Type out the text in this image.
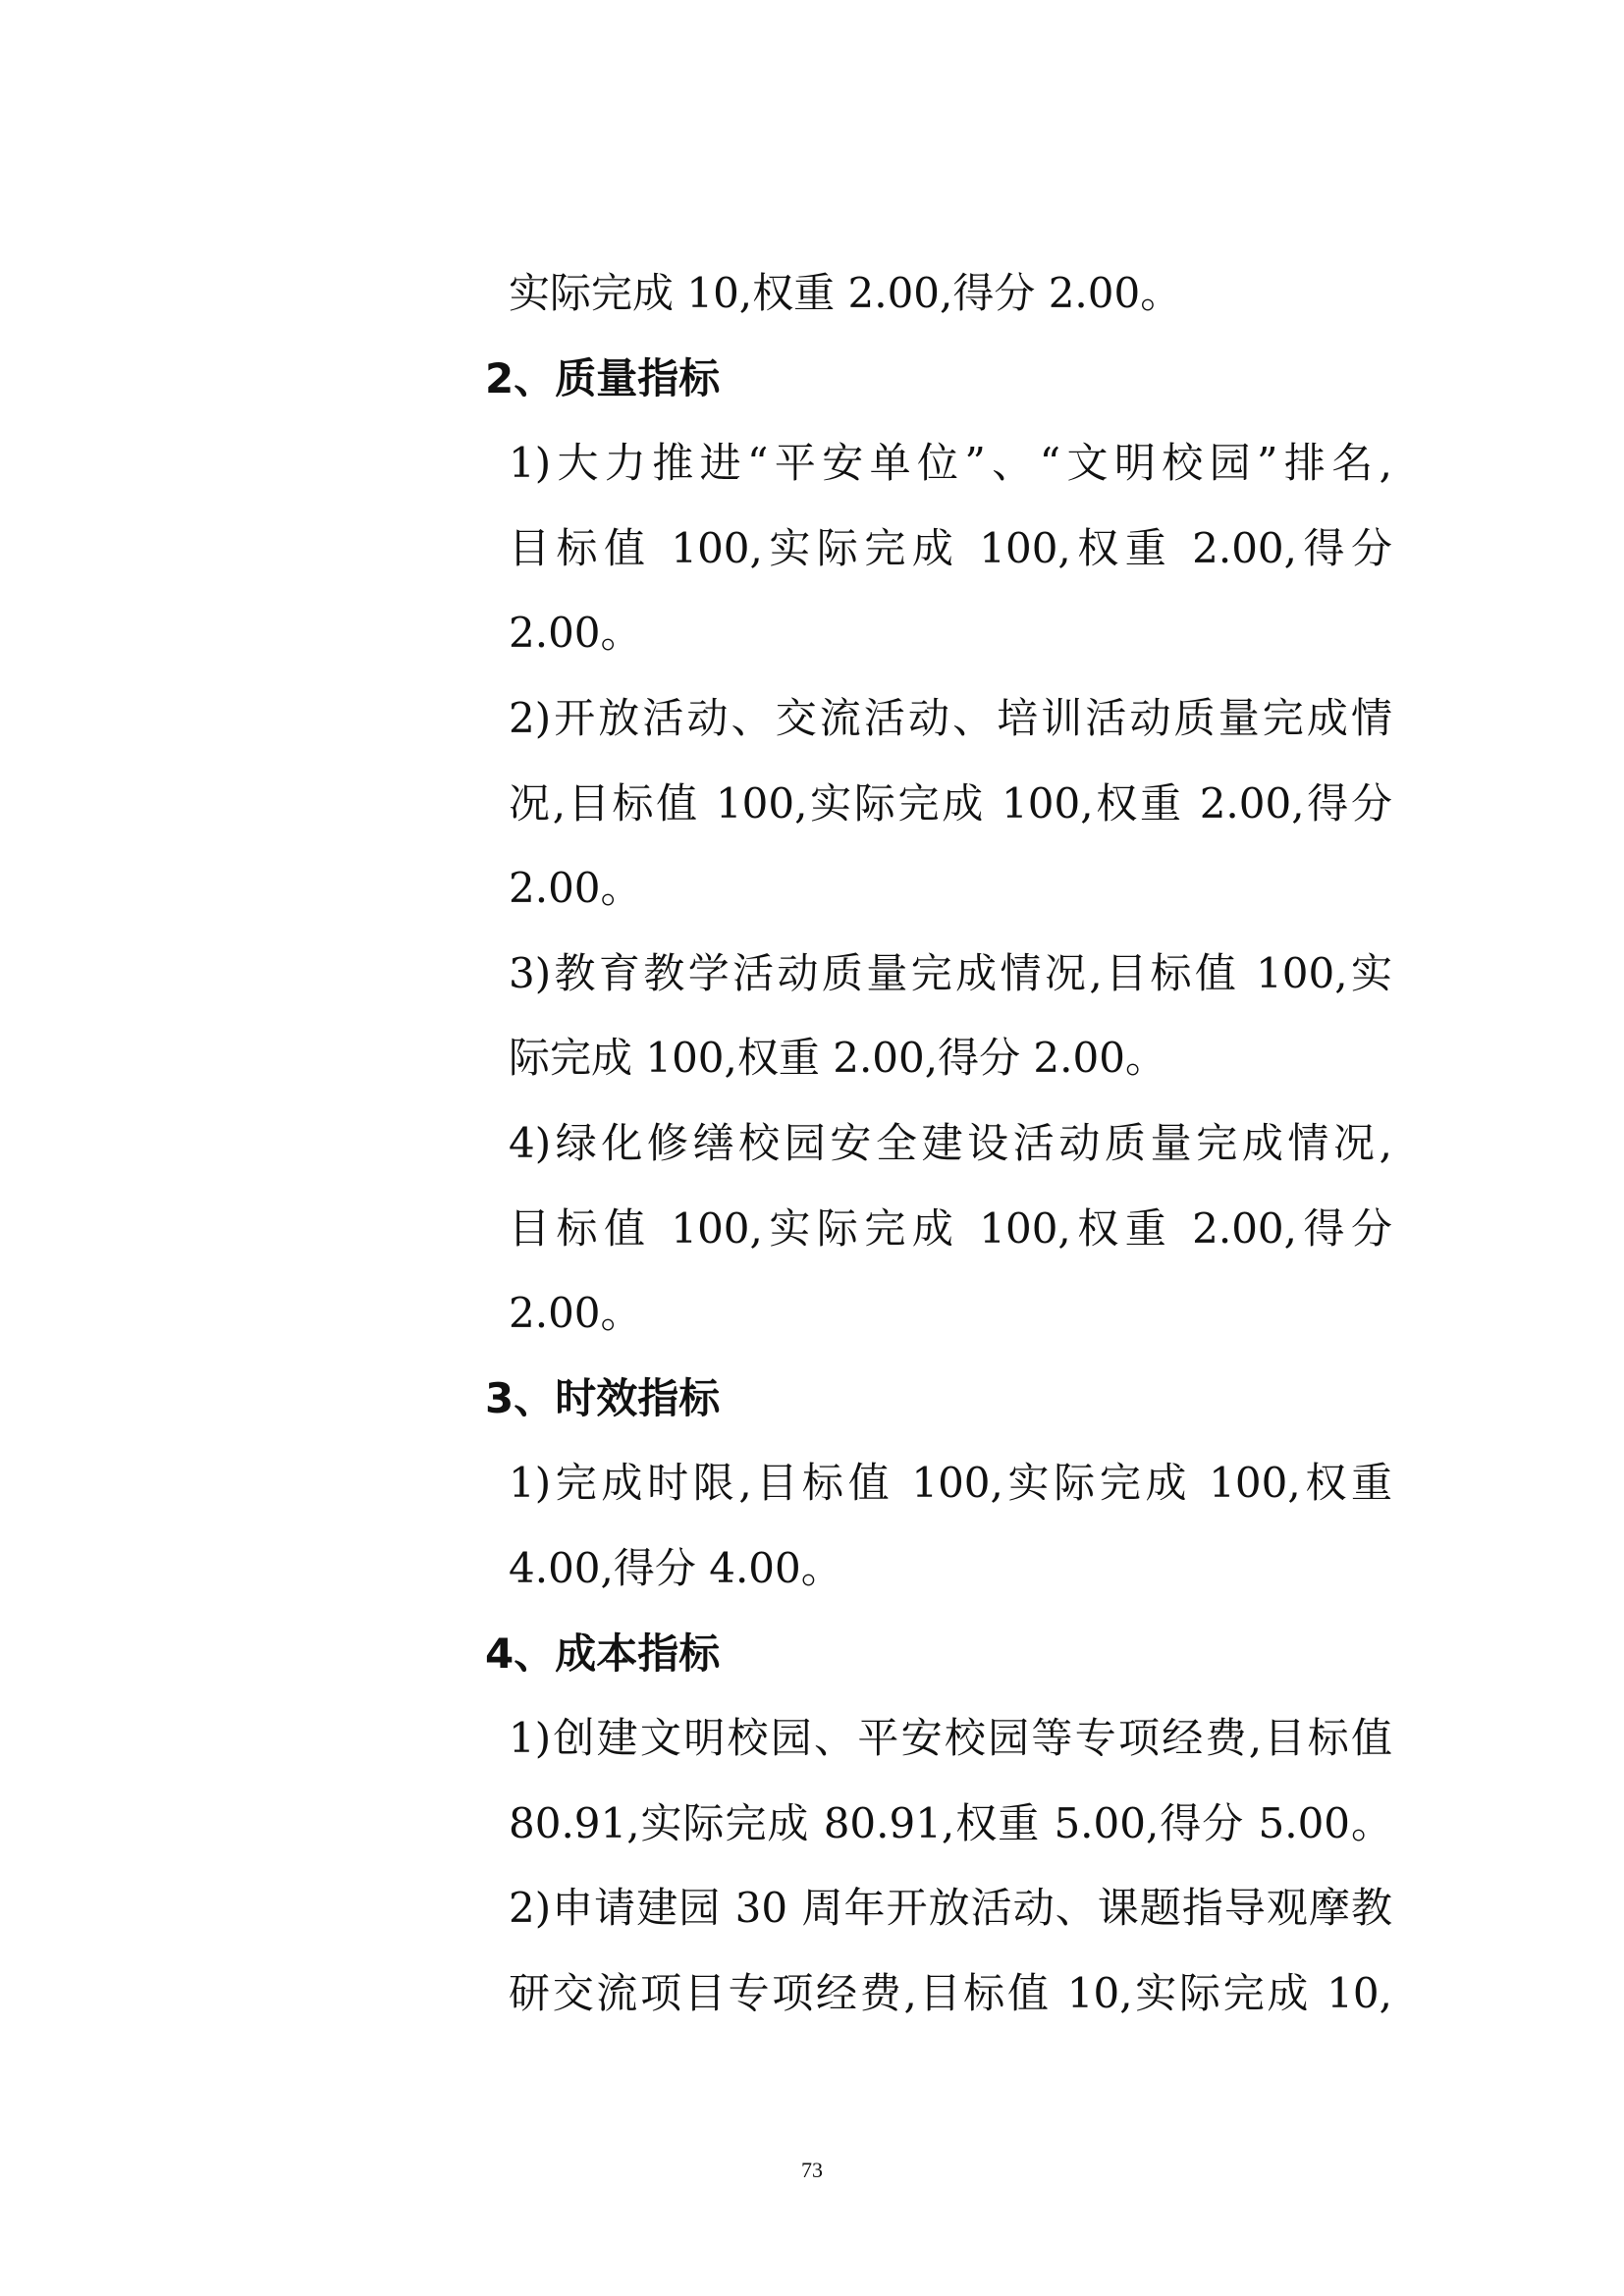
实际完成 10,权重 2.00,得分 2.00。
2、质量指标
1)大力推进“平安单位”、“文明校园”排名,
目标值 100,实际完成 100,权重 2.00,得分
2.00。
2)开放活动、交流活动、培训活动质量完成情
况,目标值 100,实际完成 100,权重 2.00,得分
2.00。
3)教育教学活动质量完成情况,目标值 100,实
际完成 100,权重 2.00,得分 2.00。
4)绿化修缮校园安全建设活动质量完成情况,
目标值 100,实际完成 100,权重 2.00,得分
2.00。
3、时效指标
1)完成时限,目标值 100,实际完成 100,权重
4.00,得分 4.00。
4、成本指标
1)创建文明校园、平安校园等专项经费,目标值
80.91,实际完成 80.91,权重 5.00,得分 5.00。
2)申请建园 30 周年开放活动、课题指导观摩教
研交流项目专项经费,目标值 10,实际完成 10,
73
